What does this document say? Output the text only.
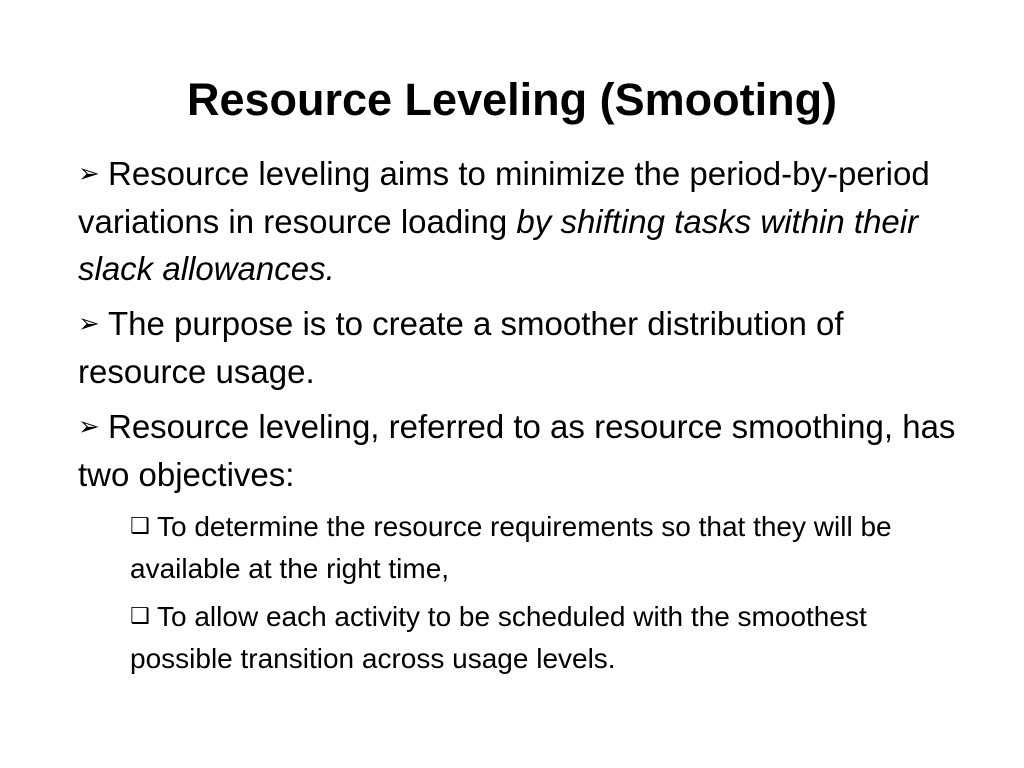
Resource Leveling (Smooting)
➢ Resource leveling aims to minimize the period-by-period variations in resource loading by shifting tasks within their slack allowances.
➢ The purpose is to create a smoother distribution of resource usage.
➢ Resource leveling, referred to as resource smoothing, has two objectives:
❑ To determine the resource requirements so that they will be available at the right time,
❑ To allow each activity to be scheduled with the smoothest possible transition across usage levels.
